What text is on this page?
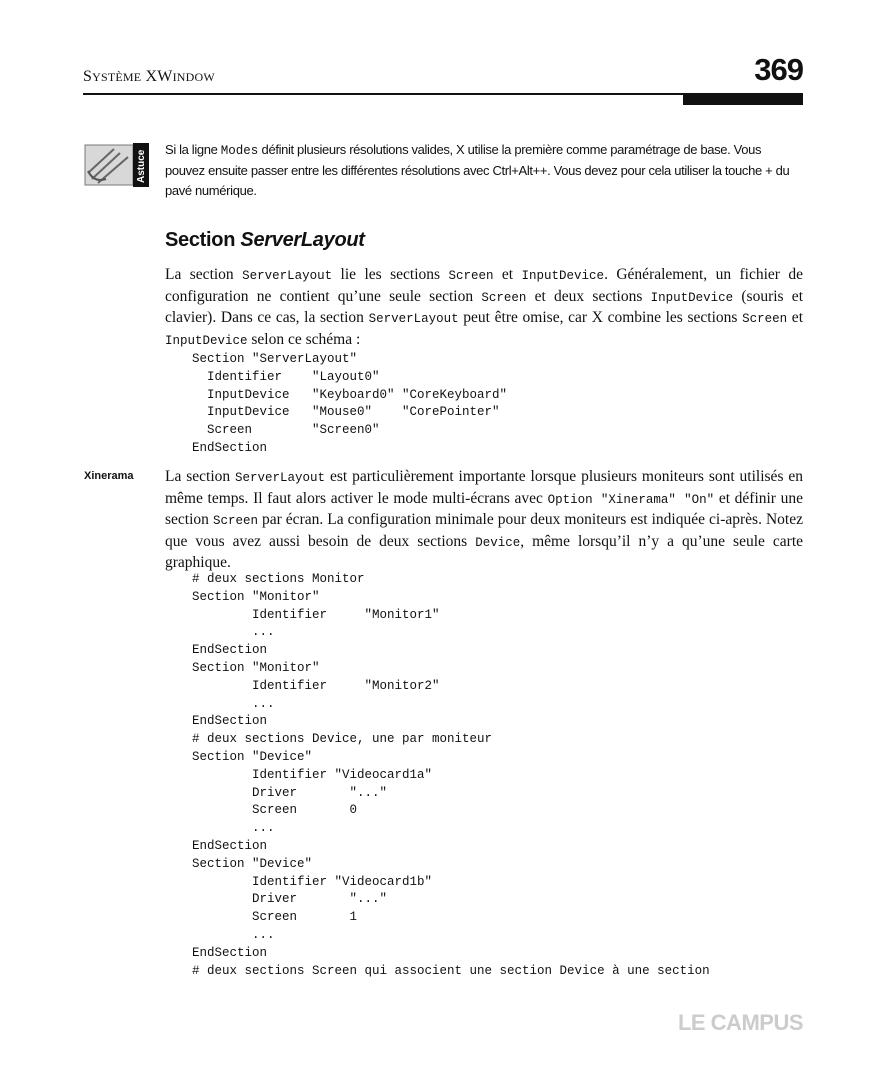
SYSTÈME XWINDOW	369
Astuce
Si la ligne Modes définit plusieurs résolutions valides, X utilise la première comme paramétrage de base. Vous pouvez ensuite passer entre les différentes résolutions avec Ctrl+Alt++. Vous devez pour cela utiliser la touche + du pavé numérique.
Section ServerLayout
La section ServerLayout lie les sections Screen et InputDevice. Généralement, un fichier de configuration ne contient qu’une seule section Screen et deux sections InputDevice (souris et clavier). Dans ce cas, la section ServerLayout peut être omise, car X combine les sections Screen et InputDevice selon ce schéma :
Section "ServerLayout"
Identifier    "Layout0"
InputDevice   "Keyboard0" "CoreKeyboard"
InputDevice   "Mouse0"    "CorePointer"
Screen        "Screen0"
EndSection
Xinerama La section ServerLayout est particulièrement importante lorsque plusieurs moniteurs sont utilisés en même temps. Il faut alors activer le mode multi-écrans avec Option "Xinerama" "On" et définir une section Screen par écran. La configuration minimale pour deux moniteurs est indiquée ci-après. Notez que vous avez aussi besoin de deux sections Device, même lorsqu’il n’y a qu’une seule carte graphique.
# deux sections Monitor
Section "Monitor"
Identifier     "Monitor1"
...
EndSection
Section "Monitor"
Identifier     "Monitor2"
...
EndSection
# deux sections Device, une par moniteur
Section "Device"
Identifier "Videocard1a"
Driver       "..."
Screen       0
...
EndSection
Section "Device"
Identifier "Videocard1b"
Driver       "..."
Screen       1
...
EndSection
# deux sections Screen qui associent une section Device à une section
LE CAMPUS
